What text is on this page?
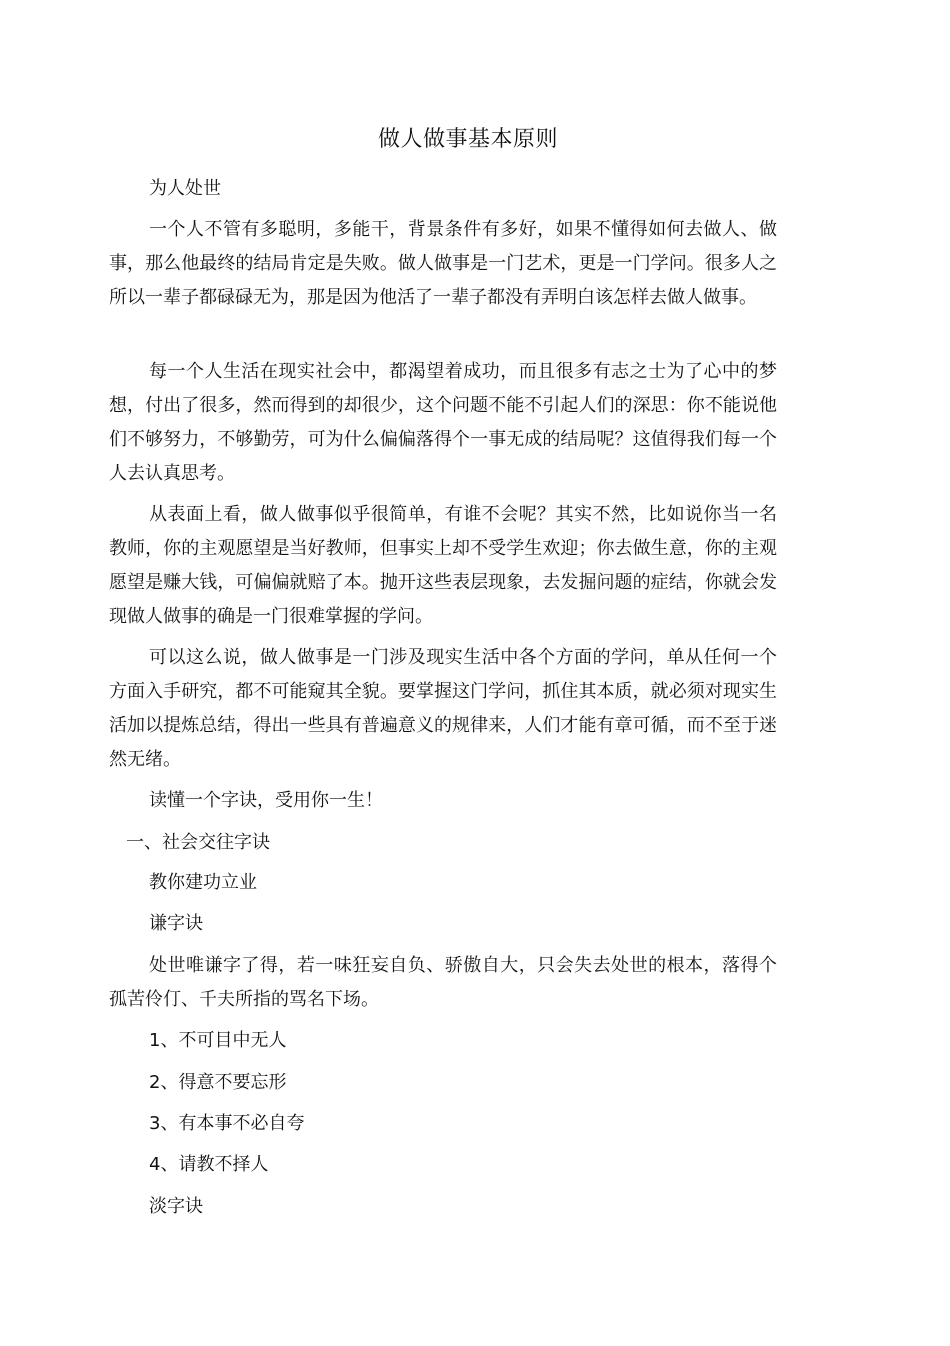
做人做事基本原则

为人处世

一个人不管有多聪明，多能干，背景条件有多好，如果不懂得如何去做人、做事，那么他最终的结局肯定是失败。做人做事是一门艺术，更是一门学问。很多人之所以一辈子都碌碌无为，那是因为他活了一辈子都没有弄明白该怎样去做人做事。

每一个人生活在现实社会中，都渴望着成功，而且很多有志之士为了心中的梦想，付出了很多，然而得到的却很少，这个问题不能不引起人们的深思：你不能说他们不够努力，不够勤劳，可为什么偏偏落得个一事无成的结局呢？这值得我们每一个人去认真思考。

从表面上看，做人做事似乎很简单，有谁不会呢？其实不然，比如说你当一名教师，你的主观愿望是当好教师，但事实上却不受学生欢迎；你去做生意，你的主观愿望是赚大钱，可偏偏就赔了本。抛开这些表层现象，去发掘问题的症结，你就会发现做人做事的确是一门很难掌握的学问。

可以这么说，做人做事是一门涉及现实生活中各个方面的学问，单从任何一个方面入手研究，都不可能窥其全貌。要掌握这门学问，抓住其本质，就必须对现实生活加以提炼总结，得出一些具有普遍意义的规律来，人们才能有章可循，而不至于迷然无绪。

读懂一个字诀，受用你一生！

一、社会交往字诀

教你建功立业

谦字诀

处世唯谦字了得，若一味狂妄自负、骄傲自大，只会失去处世的根本，落得个孤苦伶仃、千夫所指的骂名下场。

1、不可目中无人

2、得意不要忘形

3、有本事不必自夸

4、请教不择人

淡字诀
